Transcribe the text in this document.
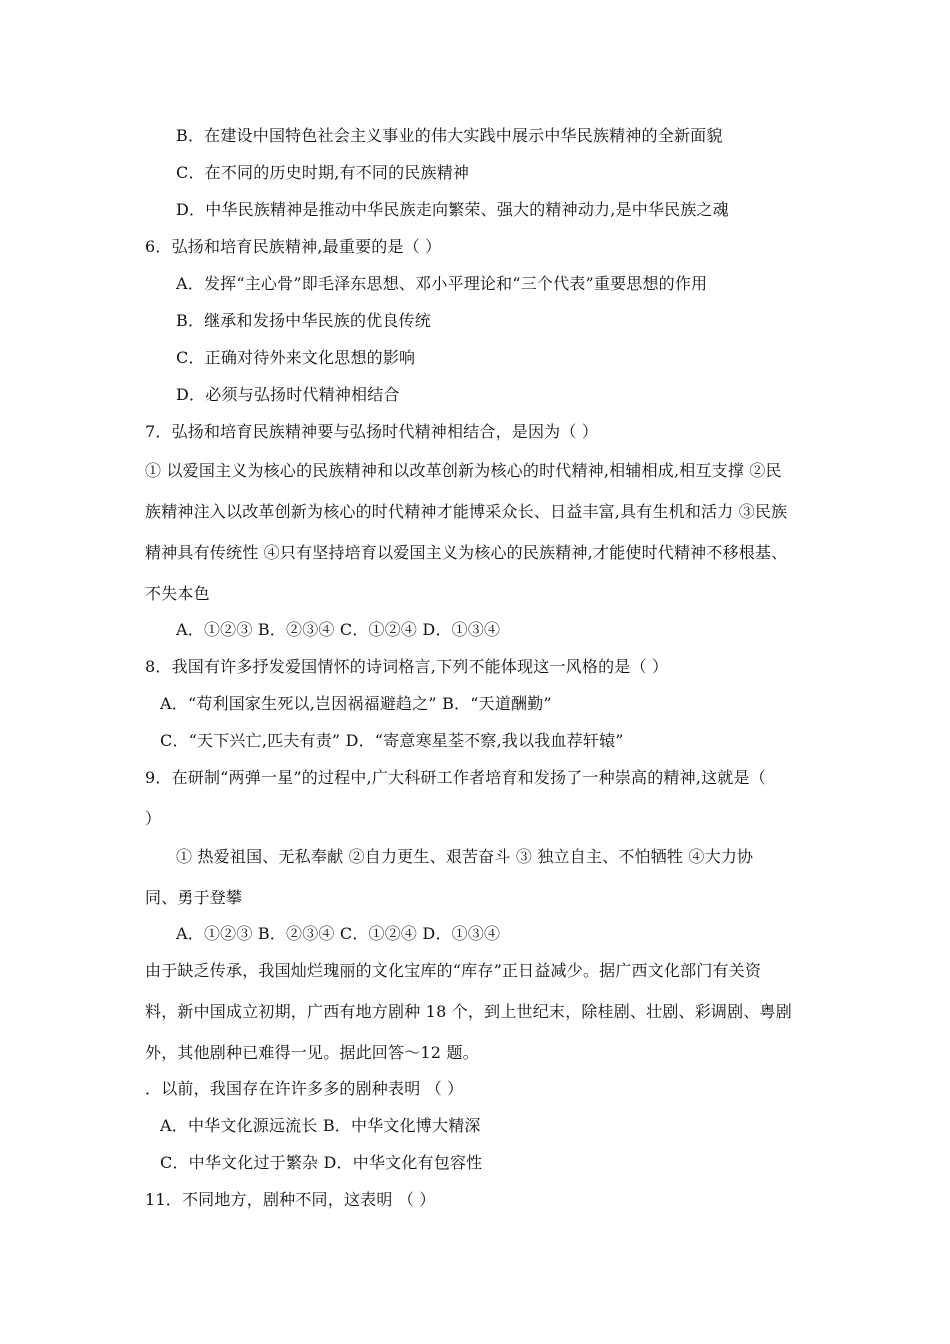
B．在建设中国特色社会主义事业的伟大实践中展示中华民族精神的全新面貌
C．在不同的历史时期,有不同的民族精神
D．中华民族精神是推动中华民族走向繁荣、强大的精神动力,是中华民族之魂
6．弘扬和培育民族精神,最重要的是（ ）
A．发挥“主心骨”即毛泽东思想、邓小平理论和“三个代表”重要思想的作用
B．继承和发扬中华民族的优良传统
C．正确对待外来文化思想的影响
D．必须与弘扬时代精神相结合
7．弘扬和培育民族精神要与弘扬时代精神相结合，是因为（ ）
① 以爱国主义为核心的民族精神和以改革创新为核心的时代精神,相辅相成,相互支撑 ②民
族精神注入以改革创新为核心的时代精神才能博采众长、日益丰富,具有生机和活力 ③民族
精神具有传统性 ④只有坚持培育以爱国主义为核心的民族精神,才能使时代精神不移根基、
不失本色
A．①②③ B．②③④ C．①②④ D．①③④
8．我国有许多抒发爱国情怀的诗词格言,下列不能体现这一风格的是（ ）
A．“苟利国家生死以,岂因祸福避趋之” B．“天道酬勤”
C．“天下兴亡,匹夫有责” D．“寄意寒星荃不察,我以我血荐轩辕”
9．在研制“两弹一星”的过程中,广大科研工作者培育和发扬了一种崇高的精神,这就是（
）
① 热爱祖国、无私奉献 ②自力更生、艰苦奋斗 ③ 独立自主、不怕牺牲 ④大力协
同、勇于登攀
A．①②③ B．②③④ C．①②④ D．①③④
由于缺乏传承，我国灿烂瑰丽的文化宝库的“库存”正日益减少。据广西文化部门有关资
料，新中国成立初期，广西有地方剧种 18 个，到上世纪末，除桂剧、壮剧、彩调剧、粤剧
外，其他剧种已难得一见。据此回答～12 题。
．以前，我国存在许许多多的剧种表明 （ ）
A．中华文化源远流长 B．中华文化博大精深
C．中华文化过于繁杂 D．中华文化有包容性
11．不同地方，剧种不同，这表明 （ ）
